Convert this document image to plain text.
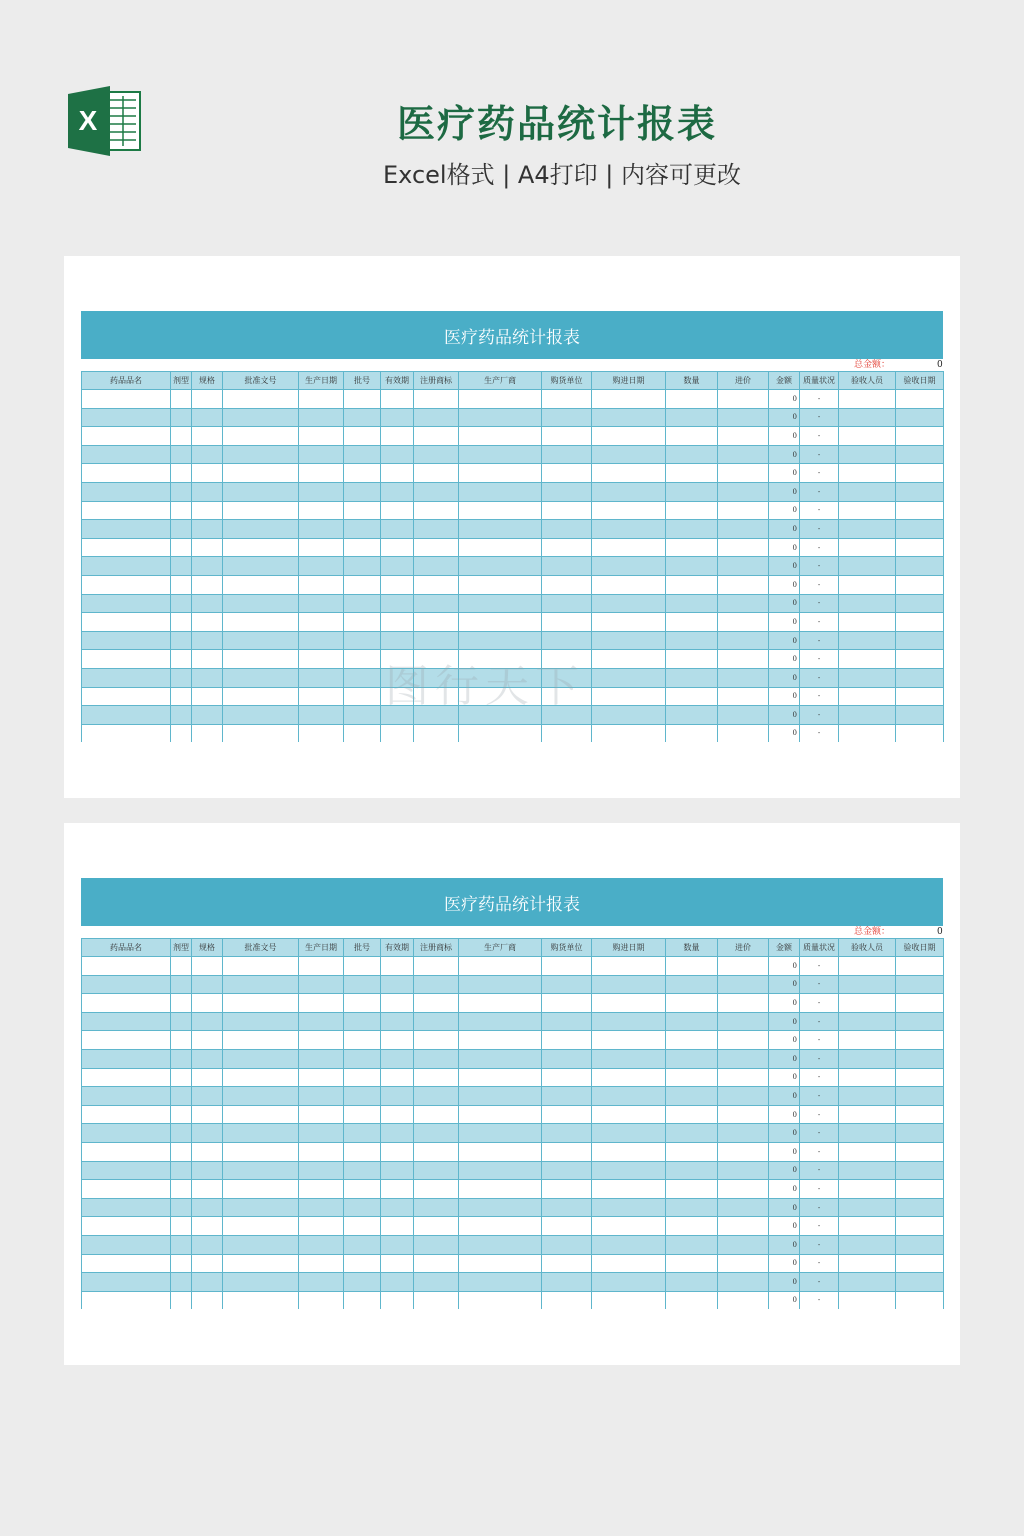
X	医疗药品统计报表
Excel格式 | A4打印 | 内容可更改
医疗药品统计报表
总金额：	0
药品品名	剂型	规格	批准文号	生产日期	批号	有效期	注册商标	生产厂商	购货单位	购进日期	数量	进价	金额	质量状况	验收人员	验收日期
													0	-		
													0	-		
													0	-		
													0	-		
													0	-		
													0	-		
													0	-		
													0	-		
													0	-		
													0	-		
													0	-		
													0	-		
													0	-		
													0	-		
													0	-		
													0	-		
													0	-		
													0	-		
													0	-		
医疗药品统计报表
总金额：	0
药品品名	剂型	规格	批准文号	生产日期	批号	有效期	注册商标	生产厂商	购货单位	购进日期	数量	进价	金额	质量状况	验收人员	验收日期
													0	-		
													0	-		
													0	-		
													0	-		
													0	-		
													0	-		
													0	-		
													0	-		
													0	-		
													0	-		
													0	-		
													0	-		
													0	-		
													0	-		
													0	-		
													0	-		
													0	-		
													0	-		
													0	-		
图行天下
